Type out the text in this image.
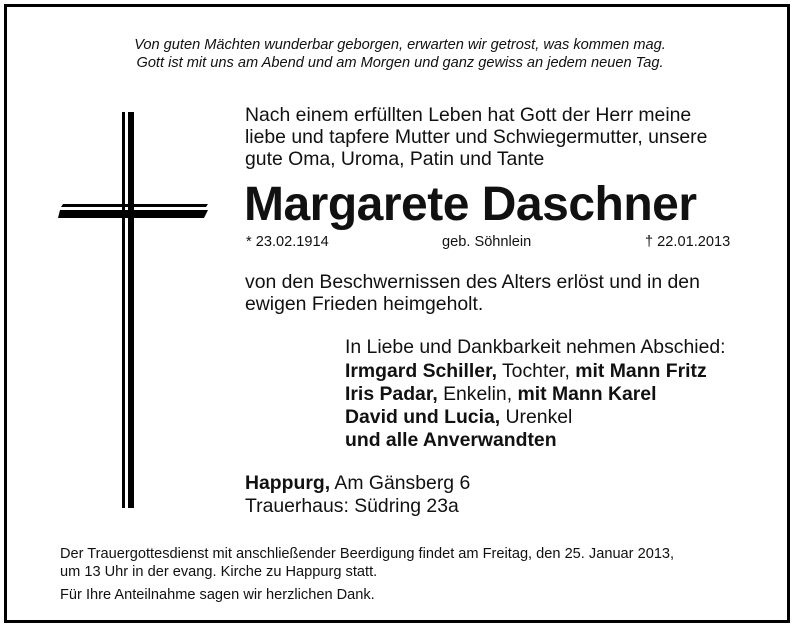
Von guten Mächten wunderbar geborgen, erwarten wir getrost, was kommen mag.
Gott ist mit uns am Abend und am Morgen und ganz gewiss an jedem neuen Tag.
Nach einem erfüllten Leben hat Gott der Herr meine
liebe und tapfere Mutter und Schwiegermutter, unsere
gute Oma, Uroma, Patin und Tante
Margarete Daschner
* 23.02.1914	geb. Söhnlein	† 22.01.2013
von den Beschwernissen des Alters erlöst und in den
ewigen Frieden heimgeholt.
In Liebe und Dankbarkeit nehmen Abschied:
Irmgard Schiller, Tochter, mit Mann Fritz
Iris Padar, Enkelin, mit Mann Karel
David und Lucia, Urenkel
und alle Anverwandten
Happurg, Am Gänsberg 6
Trauerhaus: Südring 23a
Der Trauergottesdienst mit anschließender Beerdigung findet am Freitag, den 25. Januar 2013,
um 13 Uhr in der evang. Kirche zu Happurg statt.
Für Ihre Anteilnahme sagen wir herzlichen Dank.
